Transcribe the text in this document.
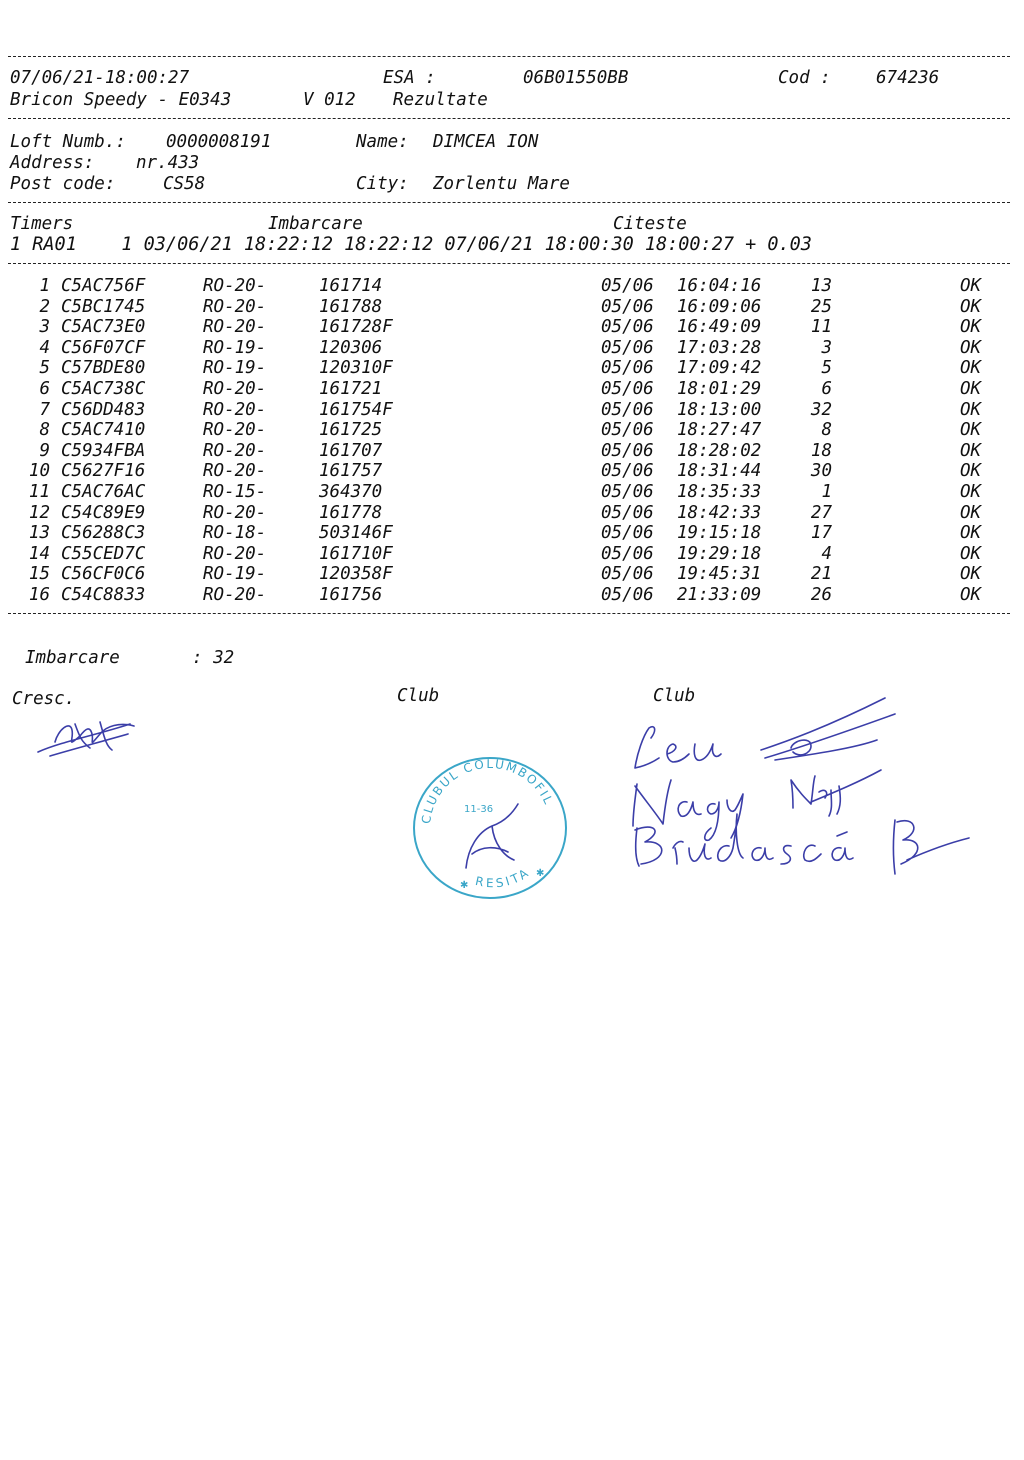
07/06/21-18:00:27	ESA :	06B01550BB	Cod :	674236
Bricon Speedy - E0343	V 012 Rezultate
Loft Numb.: 0000008191	Name: DIMCEA ION
Address: nr.433
Post code:	CS58	City: Zorlentu Mare
Timers	Imbarcare	Citeste
1 RA01    1 03/06/21 18:22:12 18:22:12 07/06/21 18:00:30 18:00:27 + 0.03
1 C5AC756F	RO-20-	161714	05/06 16:04:16	13	OK
2 C5BC1745	RO-20-	161788	05/06 16:09:06	25	OK
3 C5AC73E0	RO-20-	161728F	05/06 16:49:09	11	OK
4 C56F07CF	RO-19-	120306	05/06 17:03:28	3	OK
5 C57BDE80	RO-19-	120310F	05/06 17:09:42	5	OK
6 C5AC738C	RO-20-	161721	05/06 18:01:29	6	OK
7 C56DD483	RO-20-	161754F	05/06 18:13:00	32	OK
8 C5AC7410	RO-20-	161725	05/06 18:27:47	8	OK
9 C5934FBA	RO-20-	161707	05/06 18:28:02	18	OK
10 C5627F16	RO-20-	161757	05/06 18:31:44	30	OK
11 C5AC76AC	RO-15-	364370	05/06 18:35:33	1	OK
12 C54C89E9	RO-20-	161778	05/06 18:42:33	27	OK
13 C56288C3	RO-18-	503146F	05/06 19:15:18	17	OK
14 C55CED7C	RO-20-	161710F	05/06 19:29:18	4	OK
15 C56CF0C6	RO-19-	120358F	05/06 19:45:31	21	OK
16 C54C8833	RO-20-	161756	05/06 21:33:09	26	OK
Imbarcare	: 32
Cresc.	Club	Club
CLUBUL COLUMBOFIL
RESITA
11-36
✱
✱
